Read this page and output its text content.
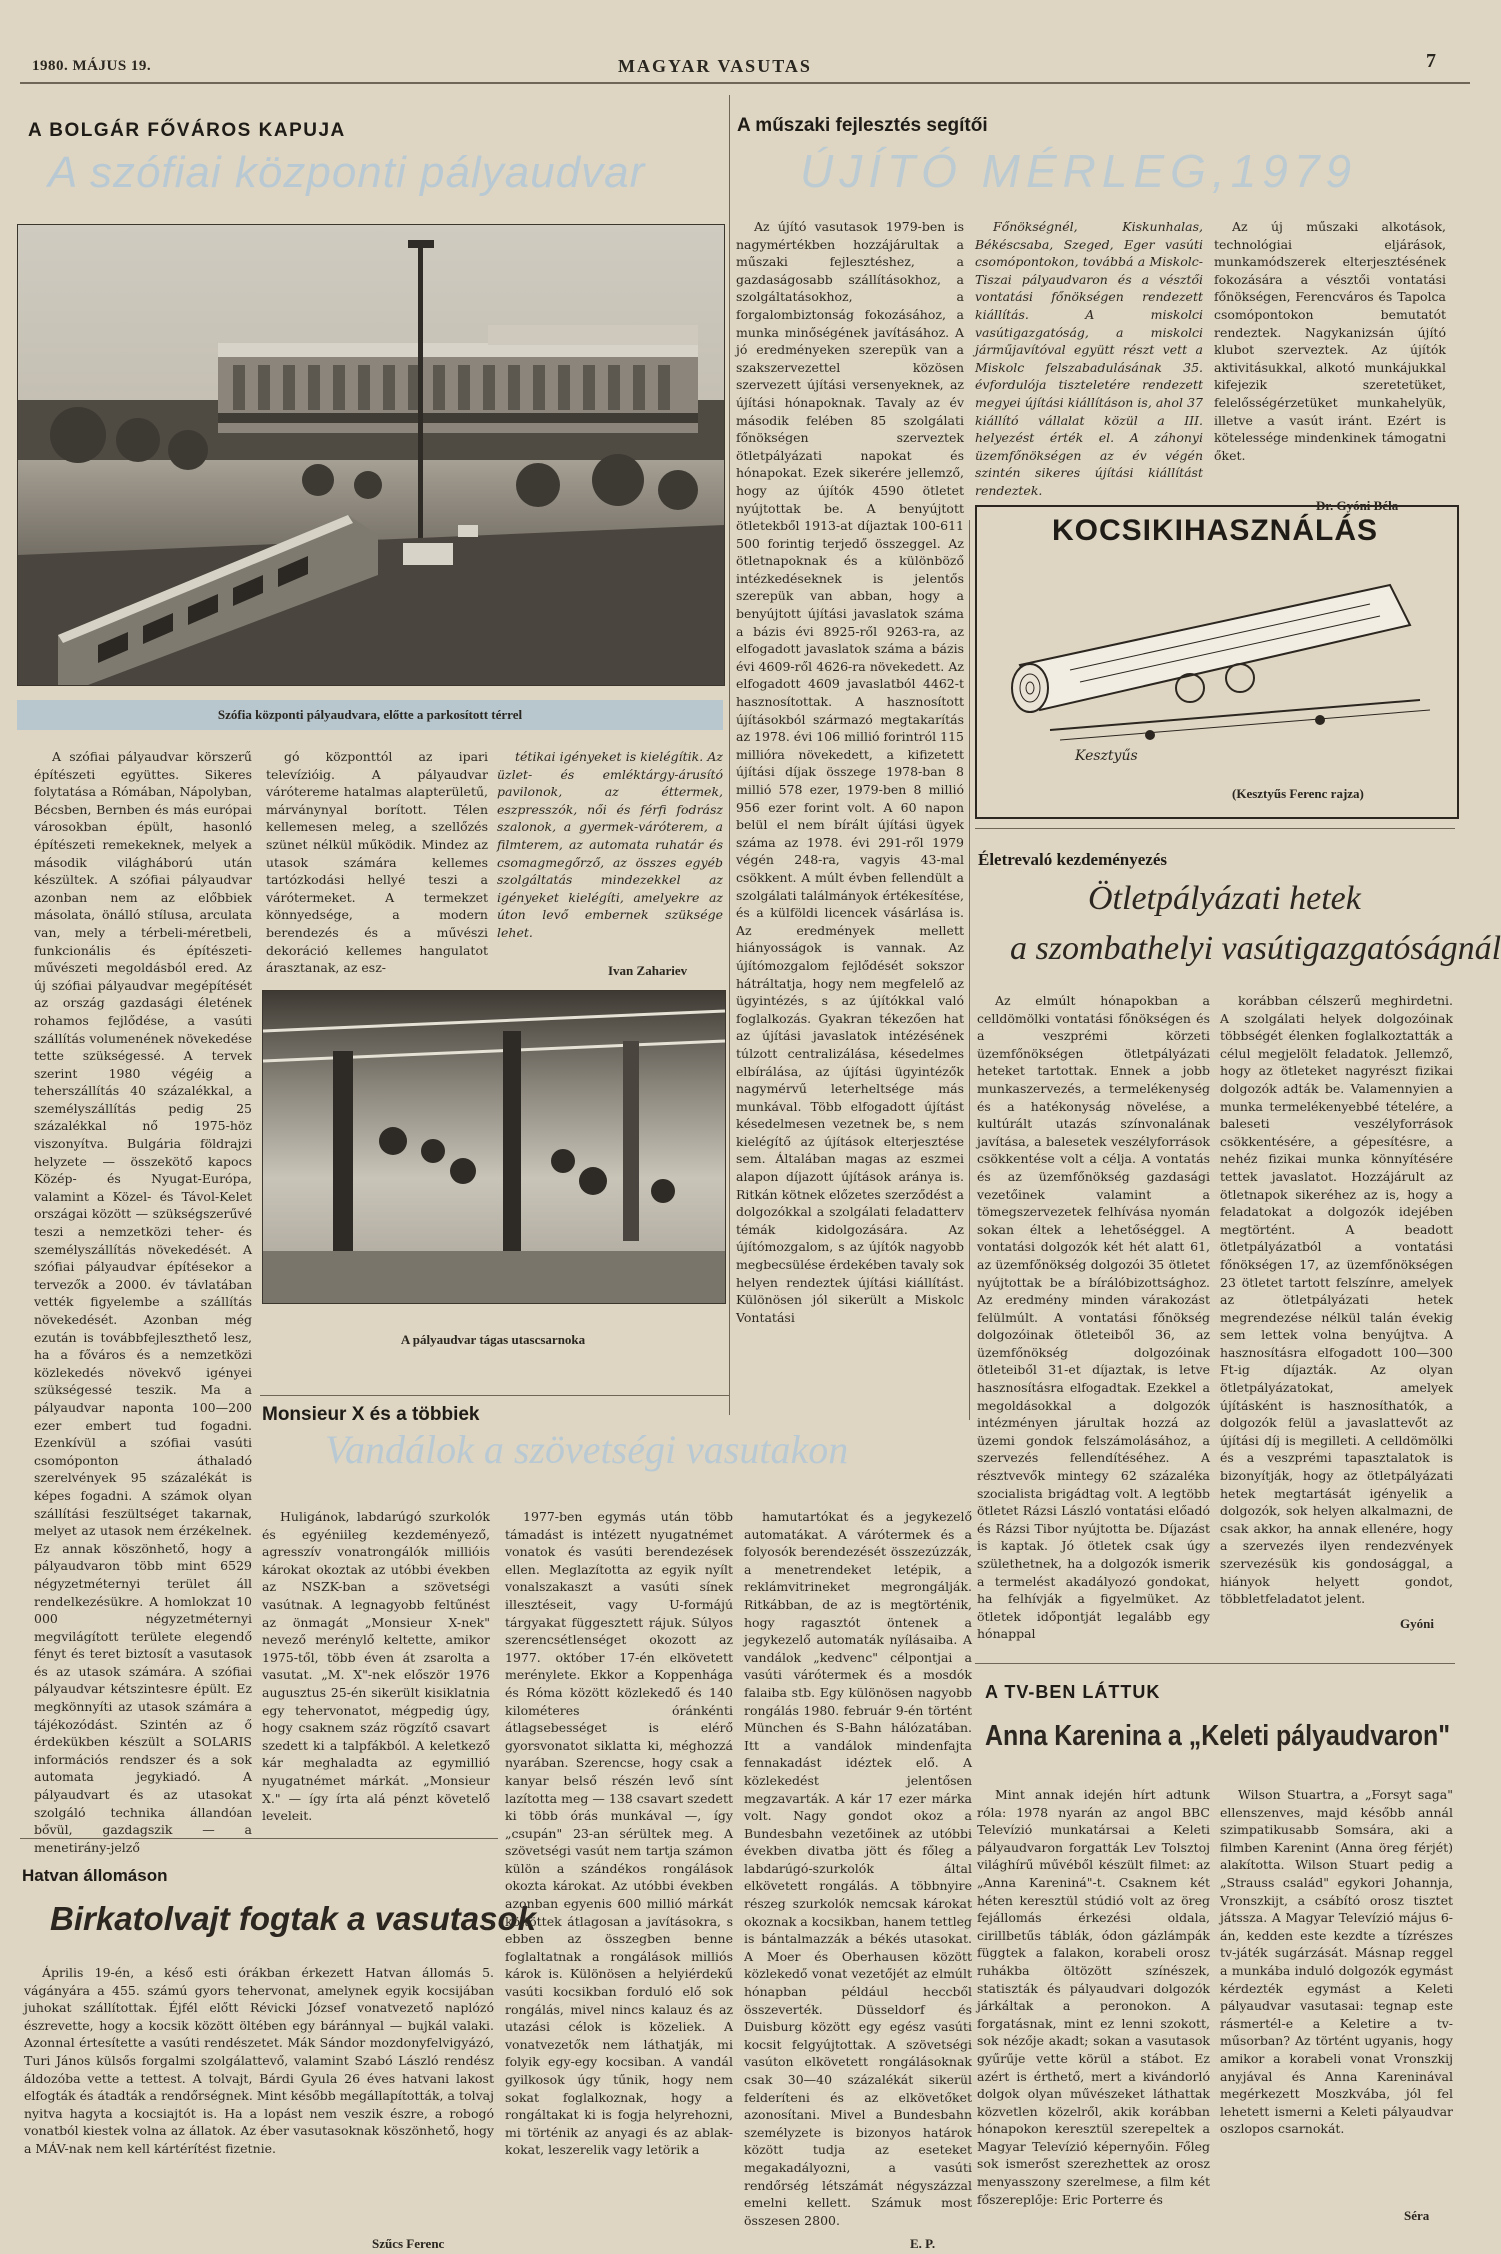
1980. MÁJUS 19.	MAGYAR VASUTAS	7
A BOLGÁR FŐVÁROS KAPUJA
A szófiai központi pályaudvar
Szófia központi pályaudvara, előtte a parkosított térrel

A szófiai pályaudvar körszerű építészeti együttes. Sikeres folytatása a Rómában, Nápolyban, Bécsben, Bernben és más európai városokban épült, hasonló építészeti remekeknek, melyek a második világháború után készültek. A szófiai pályaudvar azonban nem az előbbiek másolata, önálló stílusa, arculata van, mely a térbeli-méretbeli, funkcionális és építészeti-művészeti megoldásból ered. Az új szófiai pályaudvar megépítését az ország gazdasági életének rohamos fejlődése, a vasúti szállítás volumenének növekedése tette szükségessé. A tervek szerint 1980 végéig a teherszállítás 40 százalékkal, a személyszállítás pedig 25 százalékkal nő 1975-höz viszonyítva. Bulgária földrajzi helyzete — összekötő kapocs Közép- és Nyugat-Európa, valamint a Közel- és Távol-Kelet országai között — szükségszerűvé teszi a nemzetközi teher- és személyszállítás növekedését. A szófiai pályaudvar építésekor a tervezők a 2000. év távlatában vették figyelembe a szállítás növekedését. Azonban még ezután is továbbfejleszthető lesz, ha a főváros és a nemzetközi közlekedés növekvő igényei szükségessé teszik. Ma a pályaudvar naponta 100—200 ezer embert tud fogadni. Ezenkívül a szófiai vasúti csomóponton áthaladó szerelvények 95 százalékát is képes fogadni. A számok olyan szállítási feszültséget takarnak, melyet az utasok nem érzékelnek. Ez annak köszönhető, hogy a pályaudvaron több mint 6529 négyzetméternyi terület áll rendelkezésükre. A homlokzat 10 000 négyzetméternyi megvilágított területe elegendő fényt és teret biztosít a vasutasok és az utasok számára. A szófiai pályaudvar kétszintesre épült. Ez megkönnyíti az utasok számára a tájékozódást. Szintén az ő érdekükben készült a SOLARIS információs rendszer és a sok automata jegykiadó. A pályaudvart és az utasokat szolgáló technika állandóan bővül, gazdagszik — a menetirány-jelző

gó központtól az ipari televízióig. A pályaudvar várótereme hatalmas alapterületű, márványnyal borított. Télen kellemesen meleg, a szellőzés szünet nélkül működik. Mindez az utasok számára kellemes tartózkodási hellyé teszi a várótermeket. A termekzet könnyedsége, a modern berendezés és a művészi dekoráció kellemes hangulatot árasztanak, az esz-

tétikai igényeket is kielégítik. Az üzlet- és emléktárgy-árusító pavilonok, az éttermek, eszpresszók, női és férfi fodrász szalonok, a gyermek-váróterem, a filmterem, az automata ruhatár és csomagmegőrző, az összes egyéb szolgáltatás mindezekkel az igényeket kielégíti, amelyekre az úton levő embernek szüksége lehet.

Ivan Zahariev
A pályaudvar tágas utascsarnoka
Monsieur X és a többiek
Vandálok a szövetségi vasutakon

Huligánok, labdarúgó szurkolók és egyéniileg kezdeményező, agresszív vonatrongálók millióis károkat okoztak az utóbbi években az NSZK-ban a szövetségi vasútnak. A legnagyobb feltűnést az önmagát „Monsieur X-nek" nevező merénylő keltette, amikor 1975-től, több éven át zsarolta a vasutat. „M. X"-nek először 1976 augusztus 25-én sikerült kisiklatnia egy tehervonatot, mégpedig úgy, hogy csaknem száz rögzítő csavart szedett ki a talpfákból. A keletkező kár meghaladta az egymillió nyugatnémet márkát. „Monsieur X." — így írta alá pénzt követelő leveleit.

1977-ben egymás után több támadást is intézett nyugatnémet vonatok és vasúti berendezések ellen. Meglazította az egyik nyílt vonalszakaszt a vasúti sínek illesztéseit, vagy U-formájú tárgyakat függesztett rájuk. Súlyos szerencsétlenséget okozott az 1977. október 17-én elkövetett merénylete. Ekkor a Koppenhága és Róma között közlekedő és 140 kilométeres óránkénti átlagsebességet is elérő gyorsvonatot siklatta ki, méghozzá nyarában. Szerencse, hogy csak a kanyar belső részén levő sínt lazította meg — 138 csavart szedett ki több órás munkával —, így „csupán" 23-an sérültek meg. A szövetségi vasút nem tartja számon külön a szándékos rongálások okozta károkat. Az utóbbi években azonban egyenis 600 millió márkát költöttek átlagosan a javításokra, s ebben az összegben benne foglaltatnak a rongálások milliós károk is. Különösen a helyiérdekű vasúti kocsikban forduló elő sok rongálás, mivel nincs kalauz és az utazási célok is közeliek. A vonatvezetők nem láthatják, mi folyik egy-egy kocsiban. A vandál gyilkosok úgy tűnik, hogy nem sokat foglalkoznak, hogy a rongáltakat ki is fogja helyrehozni, mi történik az anyagi és az ablak-kokat, leszerelik vagy letörik a

hamutartókat és a jegykezelő automatákat. A várótermek és a folyosók berendezését összezúzzák, a menetrendeket letépik, a reklámvitrineket megrongálják. Ritkábban, de az is megtörténik, hogy ragasztót öntenek a jegykezelő automaták nyílásaiba. A vandálok „kedvenc" célpontjai a vasúti várótermek és a mosdók falaiba stb. Egy különösen nagyobb rongálás 1980. február 9-én történt München és S-Bahn hálózatában. Itt a vandálok mindenfajta fennakadást idéztek elő. A közlekedést jelentősen megzavarták. A kár 17 ezer márka volt. Nagy gondot okoz a Bundesbahn vezetőinek az utóbbi években divatba jött és főleg a labdarúgó-szurkolók által elkövetett rongálás. A többnyire részeg szurkolók nemcsak károkat okoznak a kocsikban, hanem tettleg is bántalmazzák a békés utasokat. A Moer és Oberhausen között közlekedő vonat vezetőjét az elmúlt hónapban például heccből összeverték. Düsseldorf és Duisburg között egy egész vasúti kocsit felgyújtottak. A szövetségi vasúton elkövetett rongálásoknak csak 30—40 százalékát sikerül felderíteni és az elkövetőket azonosítani. Mivel a Bundesbahn személyzete is bizonyos határok között tudja az eseteket megakadályozni, a vasúti rendőrség létszámát négyszázzal emelni kellett. Számuk most összesen 2800.

E. P.
Hatvan állomáson
Birkatolvajt fogtak a vasutasok

Április 19-én, a késő esti órákban érkezett Hatvan állomás 5. vágányára a 455. számú gyors tehervonat, amelynek egyik kocsijában juhokat szállítottak. Éjfél előtt Révicki József vonatvezető naplózó észrevette, hogy a kocsik között öltében egy báránnyal — bujkál valaki. Azonnal értesítette a vasúti rendészetet. Mák Sándor mozdonyfelvigyázó, Turi János külsős forgalmi szolgálattevő, valamint Szabó László rendész áldozóba vette a tettest. A tolvajt, Bárdi Gyula 26 éves hatvani lakost elfogták és átadták a rendőrségnek. Mint később megállapították, a tolvaj nyitva hagyta a kocsiajtót is. Ha a lopást nem veszik észre, a robogó vonatból kiestek volna az állatok. Az éber vasutasoknak köszönhető, hogy a MÁV-nak nem kell kártérítést fizetnie.

Szűcs Ferenc
A műszaki fejlesztés segítői
ÚJÍTÓ MÉRLEG,1979

Az újító vasutasok 1979-ben is nagymértékben hozzájárultak a műszaki fejlesztéshez, a gazdaságosabb szállításokhoz, a szolgáltatásokhoz, a forgalombiztonság fokozásához, a munka minőségének javításához. A jó eredményeken szerepük van a szakszervezettel közösen szervezett újítási versenyeknek, az újítási hónapoknak. Tavaly az év második felében 85 szolgálati főnökségen szerveztek ötletpályázati napokat és hónapokat. Ezek sikerére jellemző, hogy az újítók 4590 ötletet nyújtottak be. A benyújtott ötletekből 1913-at díjaztak 100-611 500 forintig terjedő összeggel. Az ötletnapoknak és a különböző intézkedéseknek is jelentős szerepük van abban, hogy a benyújtott újítási javaslatok száma a bázis évi 8925-ről 9263-ra, az elfogadott javaslatok száma a bázis évi 4609-ről 4626-ra növekedett. Az elfogadott 4609 javaslatból 4462-t hasznosítottak. A hasznosított újításokból származó megtakarítás az 1978. évi 106 millió forintról 115 millióra növekedett, a kifizetett újítási díjak összege 1978-ban 8 millió 578 ezer, 1979-ben 8 millió 956 ezer forint volt. A 60 napon belül el nem bírált újítási ügyek száma az 1978. évi 291-ről 1979 végén 248-ra, vagyis 43-mal csökkent. A múlt évben fellendült a szolgálati találmányok értékesítése, és a külföldi licencek vásárlása is. Az eredmények mellett hiányosságok is vannak. Az újítómozgalom fejlődését sokszor hátráltatja, hogy nem megfelelő az ügyintézés, s az újítókkal való foglalkozás. Gyakran tékezően hat az újítási javaslatok intézésének túlzott centralizálása, késedelmes elbírálása, az újítási ügyintézők nagymérvű leterheltsége más munkával. Több elfogadott újítást késedelmesen vezetnek be, s nem kielégítő az újítások elterjesztése sem. Általában magas az eszmei alapon díjazott újítások aránya is. Ritkán kötnek előzetes szerződést a dolgozókkal a szolgálati feladatterv témák kidolgozására. Az újítómozgalom, s az újítók nagyobb megbecsülése érdekében tavaly sok helyen rendeztek újítási kiállítást. Különösen jól sikerült a Miskolc Vontatási

Főnökségnél, Kiskunhalas, Békéscsaba, Szeged, Eger vasúti csomópontokon, továbbá a Miskolc-Tiszai pályaudvaron és a vésztői vontatási főnökségen rendezett kiállítás. A miskolci vasútigazgatóság, a miskolci járműjavítóval együtt részt vett a Miskolc felszabadulásának 35. évfordulója tiszteletére rendezett megyei újítási kiállításon is, ahol 37 kiállító vállalat közül a III. helyezést érték el. A záhonyi üzemfőnökségen az év végén szintén sikeres újítási kiállítást rendeztek.

Az új műszaki alkotások, technológiai eljárások, munkamódszerek elterjesztésének fokozására a vésztői vontatási főnökségen, Ferencváros és Tapolca csomópontokon bemutatót rendeztek. Nagykanizsán újító klubot szerveztek. Az újítók aktivitásukkal, alkotó munkájukkal kifejezik szeretetüket, felelősségérzetüket munkahelyük, illetve a vasút iránt. Ezért is kötelessége mindenkinek támogatni őket.

Dr. Gyóni Béla
KOCSIKIHASZNÁLÁS
Kesztyűs
(Kesztyűs Ferenc rajza)
Életrevaló kezdeményezés
Ötletpályázati hetek
a szombathelyi vasútigazgatóságnál

Az elmúlt hónapokban a celldömölki vontatási főnökségen és a veszprémi körzeti üzemfőnökségen ötletpályázati heteket tartottak. Ennek a jobb munkaszervezés, a termelékenység és a hatékonyság növelése, a kultúrált utazás színvonalának javítása, a balesetek veszélyforrások csökkentése volt a célja. A vontatás és az üzemfőnökség gazdasági vezetőinek valamint a tömegszervezetek felhívása nyomán sokan éltek a lehetőséggel. A vontatási dolgozók két hét alatt 61, az üzemfőnökség dolgozói 35 ötletet nyújtottak be a bírálóbizottsághoz. Az eredmény minden várakozást felülmúlt. A vontatási főnökség dolgozóinak ötleteiből 36, az üzemfőnökség dolgozóinak ötleteiből 31-et díjaztak, is letve hasznosításra elfogadtak. Ezekkel a megoldásokkal a dolgozók intézményen járultak hozzá az üzemi gondok felszámolásához, a szervezés fellendítéséhez. A résztvevők mintegy 62 százaléka szocialista brigádtag volt. A legtöbb ötletet Rázsi László vontatási előadó és Rázsi Tibor nyújtotta be. Díjazást is kaptak. Jó ötletek csak úgy születhetnek, ha a dolgozók ismerik a termelést akadályozó gondokat, ha felhívják a figyelmüket. Az ötletek időpontját legalább egy hónappal

korábban célszerű meghirdetni. A szolgálati helyek dolgozóinak többségét élenken foglalkoztatták a célul megjelölt feladatok. Jellemző, hogy az ötleteket nagyrészt fizikai dolgozók adták be. Valamennyien a munka termelékenyebbé tételére, a baleseti veszélyforrások csökkentésére, a gépesítésre, a nehéz fizikai munka könnyítésére tettek javaslatot. Hozzájárult az ötletnapok sikeréhez az is, hogy a feladatokat a dolgozók idejében megtörtént. A beadott ötletpályázatból a vontatási főnökségen 17, az üzemfőnökségen 23 ötletet tartott felszínre, amelyek az ötletpályázati hetek megrendezése nélkül talán évekig sem lettek volna benyújtva. A hasznosításra elfogadott 100—300 Ft-ig díjazták. Az olyan ötletpályázatokat, amelyek újításként is hasznosíthatók, a dolgozók felül a javaslattevőt az újítási díj is megilleti. A celldömölki és a veszprémi tapasztalatok is bizonyítják, hogy az ötletpályázati hetek megtartását igényelik a dolgozók, sok helyen alkalmazni, de csak akkor, ha annak ellenére, hogy a szervezés ilyen rendezvények szervezésük kis gondosággal, a hiányok helyett gondot, többletfeladatot jelent.

Gyóni
A TV-BEN LÁTTUK
Anna Karenina a „Keleti pályaudvaron"

Mint annak idején hírt adtunk róla: 1978 nyarán az angol BBC Televízió munkatársai a Keleti pályaudvaron forgatták Lev Tolsztoj világhírű művéből készült filmet: az „Anna Kareniná"-t. Csaknem két héten keresztül stúdió volt az öreg fejállomás érkezési oldala, cirillbetűs táblák, ódon gázlámpák függtek a falakon, korabeli orosz ruhákba öltözött színészek, statiszták és pályaudvari dolgozók járkáltak a peronokon. A forgatásnak, mint ez lenni szokott, sok nézője akadt; sokan a vasutasok gyűrűje vette körül a stábot. Ez azért is érthető, mert a kivándorló dolgok olyan művészeket láthattak közvetlen közelről, akik korábban hónapokon keresztül szerepeltek a Magyar Televízió képernyőin. Főleg sok ismerőst szerezhettek az orosz menyasszony szerelmese, a film két főszereplője: Eric Porterre és

Wilson Stuartra, a „Forsyt saga" ellenszenves, majd később annál szimpatikusabb Somsára, aki a filmben Karenint (Anna öreg férjét) alakította. Wilson Stuart pedig a „Strauss család" egykori Johannja, Vronszkijt, a csábító orosz tisztet játssza. A Magyar Televízió május 6-án, kedden este kezdte a tízrészes tv-játék sugárzását. Másnap reggel a munkába induló dolgozók egymást kérdezték egymást a Keleti pályaudvar vasutasai: tegnap este rásmertél-e a Keletire a tv-műsorban? Az történt ugyanis, hogy amikor a korabeli vonat Vronszkij anyjával és Anna Kareninával megérkezett Moszkvába, jól fel lehetett ismerni a Keleti pályaudvar oszlopos csarnokát.

Séra
